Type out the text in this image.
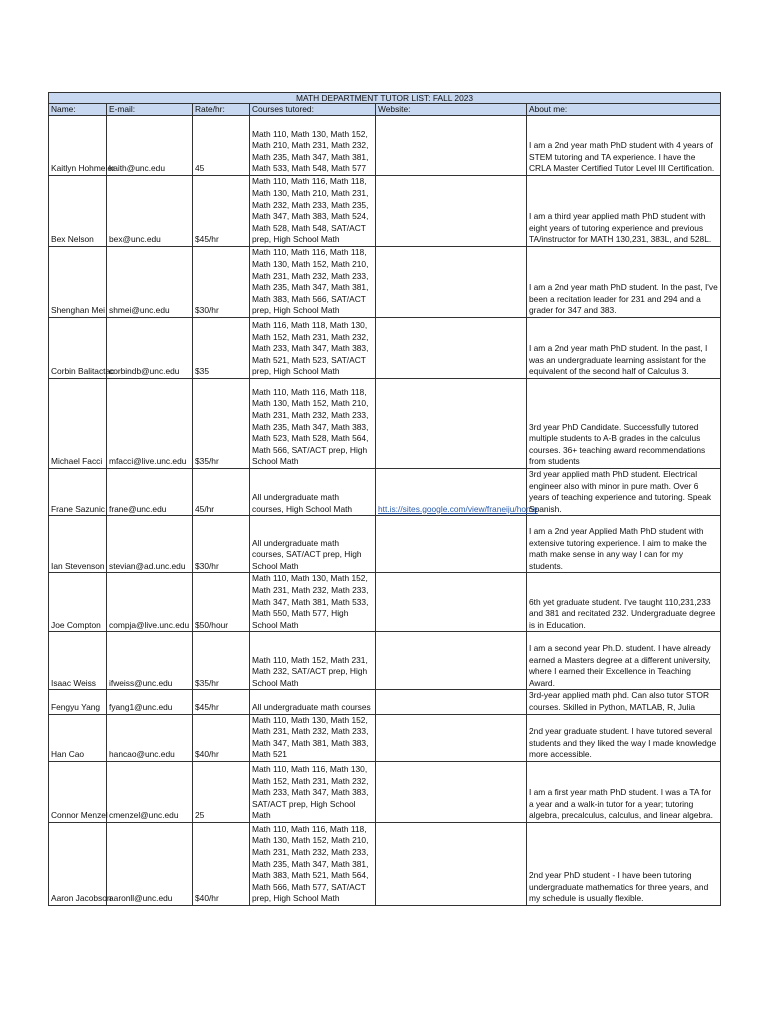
MATH DEPARTMENT TUTOR LIST: FALL 2023					
Name:	E-mail:	Rate/hr:	Courses tutored:	Website:	About me:
Kaitlyn Hohmeier	kaith@unc.edu	45	Math 110, Math 130, Math 152, Math 210, Math 231, Math 232, Math 235, Math 347, Math 381, Math 533, Math 548, Math 577		I am a 2nd year math PhD student with 4 years of STEM tutoring and TA experience. I have the CRLA Master Certified Tutor Level III Certification.
Bex Nelson	bex@unc.edu	$45/hr	Math 110, Math 116, Math 118, Math 130, Math 210, Math 231, Math 232, Math 233, Math 235, Math 347, Math 383, Math 524, Math 528, Math 548, SAT/ACT prep, High School Math		I am a third year applied math PhD student with eight years of tutoring experience and previous TA/instructor for MATH 130,231, 383L, and 528L.
Shenghan Mei	shmei@unc.edu	$30/hr	Math 110, Math 116, Math 118, Math 130, Math 152, Math 210, Math 231, Math 232, Math 233, Math 235, Math 347, Math 381, Math 383, Math 566, SAT/ACT prep, High School Math		I am a 2nd year math PhD student. In the past, I've been a recitation leader for 231 and 294 and a grader for 347 and 383.
Corbin Balitactac	corbindb@unc.edu	$35	Math 116, Math 118, Math 130, Math 152, Math 231, Math 232, Math 233, Math 347, Math 383, Math 521, Math 523, SAT/ACT prep, High School Math		I am a 2nd year math PhD student. In the past, I was an undergraduate learning assistant for the equivalent of the second half of Calculus 3.
Michael Facci	mfacci@live.unc.edu	$35/hr	Math 110, Math 116, Math 118, Math 130, Math 152, Math 210, Math 231, Math 232, Math 233, Math 235, Math 347, Math 383, Math 523, Math 528, Math 564, Math 566, SAT/ACT prep, High School Math		3rd year PhD Candidate. Successfully tutored multiple students to A-B grades in the calculus courses. 36+ teaching award recommendations from students
Frane Sazunic	frane@unc.edu	45/hr	All undergraduate math courses, High School Math	htt.is://sites.google.com/view/franeiju/home	3rd year applied math PhD student. Electrical engineer also with minor in pure math. Over 6 years of teaching experience and tutoring. Speak Spanish.
Ian Stevenson	stevian@ad.unc.edu	$30/hr	All undergraduate math courses, SAT/ACT prep, High School Math		I am a 2nd year Applied Math PhD student with extensive tutoring experience. I aim to make the math make sense in any way I can for my students.
Joe Compton	compja@live.unc.edu	$50/hour	Math 110, Math 130, Math 152, Math 231, Math 232, Math 233, Math 347, Math 381, Math 533, Math 550, Math 577, High School Math		6th yet graduate student. I've taught 110,231,233 and 381 and recitated 232. Undergraduate degree is in Education.
Isaac Weiss	ifweiss@unc.edu	$35/hr	Math 110, Math 152, Math 231, Math 232, SAT/ACT prep, High School Math		I am a second year Ph.D. student. I have already earned a Masters degree at a different university, where I earned their Excellence in Teaching Award.
Fengyu Yang	fyang1@unc.edu	$45/hr	All undergraduate math courses		3rd-year applied math phd. Can also tutor STOR courses. Skilled in Python, MATLAB, R, Julia
Han Cao	hancao@unc.edu	$40/hr	Math 110, Math 130, Math 152, Math 231, Math 232, Math 233, Math 347, Math 381, Math 383, Math 521		2nd year graduate student. I have tutored several students and they liked the way I made knowledge more accessible.
Connor Menzel	cmenzel@unc.edu	25	Math 110, Math 116, Math 130, Math 152, Math 231, Math 232, Math 233, Math 347, Math 383, SAT/ACT prep, High School Math		I am a first year math PhD student. I was a TA for a year and a walk-in tutor for a year; tutoring algebra, precalculus, calculus, and linear algebra.
Aaron Jacobson	aaronll@unc.edu	$40/hr	Math 110, Math 116, Math 118, Math 130, Math 152, Math 210, Math 231, Math 232, Math 233, Math 235, Math 347, Math 381, Math 383, Math 521, Math 564, Math 566, Math 577, SAT/ACT prep, High School Math		2nd year PhD student - I have been tutoring undergraduate mathematics for three years, and my schedule is usually flexible.
